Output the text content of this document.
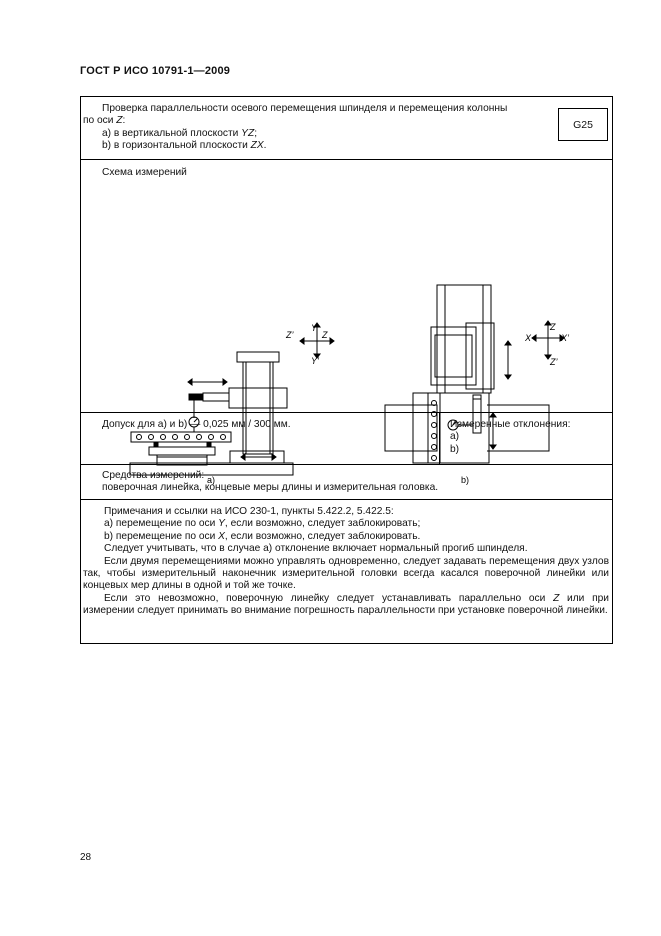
ГОСТ Р ИСО 10791-1—2009
Проверка параллельности осевого перемещения шпинделя и перемещения колонны
по оси Z:
а) в вертикальной плоскости YZ;
b) в горизонтальной плоскости ZX.
G25
Схема измерений
Y
Z’	Z
Y’
а)
Z
X	X’
Z’
b)
Допуск для а) и b) — 0,025 мм / 300 мм.	Измеренные отклонения:
а)
b)
Средства измерений:
поверочная линейка, концевые меры длины и измерительная головка.

Примечания и ссылки на ИСО 230-1, пункты 5.422.2, 5.422.5:

а) перемещение по оси Y, если возможно, следует заблокировать;

b) перемещение по оси X, если возможно, следует заблокировать.

Следует учитывать, что в случае а) отклонение включает нормальный прогиб шпинделя.

Если двумя перемещениями можно управлять одновременно, следует задавать перемещения двух узлов так, чтобы измерительный наконечник измерительной головки всегда касался поверочной линейки или концевых мер длины в одной и той же точке.

Если это невозможно, поверочную линейку следует устанавливать параллельно оси Z или при измерении следует принимать во внимание погрешность параллельности при установке поверочной линейки.

28
